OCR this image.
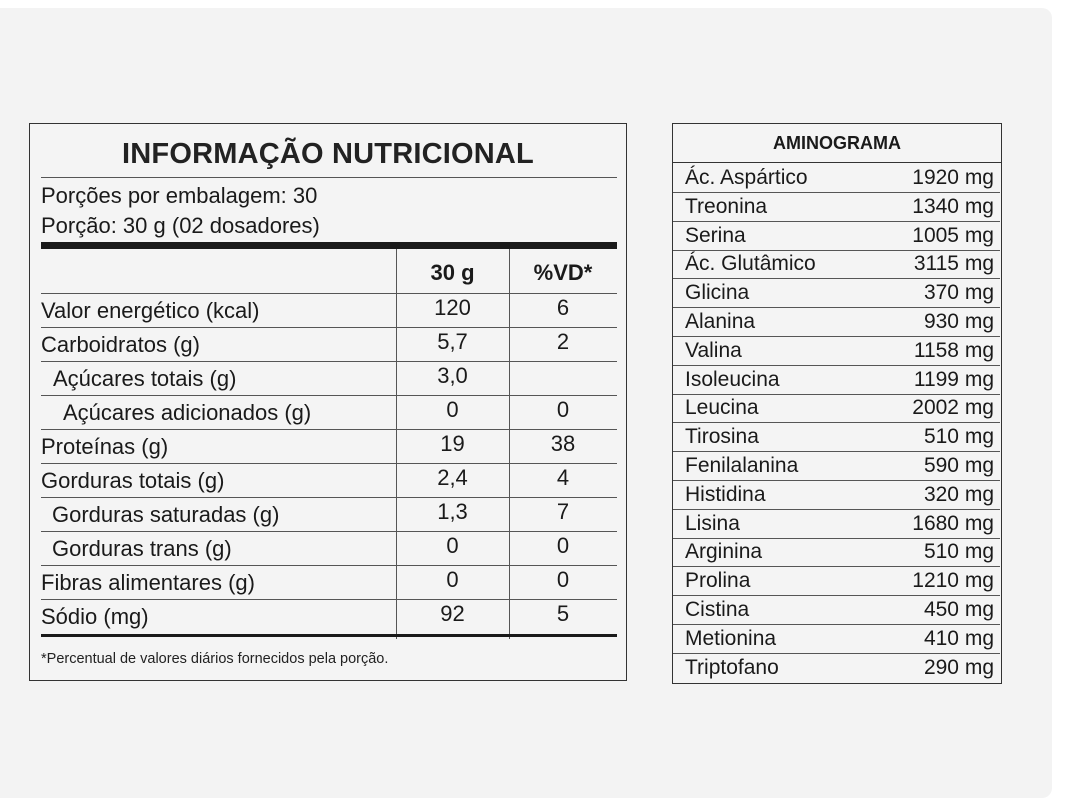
INFORMAÇÃO NUTRICIONAL
Porções por embalagem: 30
Porção: 30 g (02 dosadores)
30 g	%VD*
Valor energético (kcal)	120	6
Carboidratos (g)	5,7	2
Açúcares totais (g)	3,0
Açúcares adicionados (g)	0	0
Proteínas (g)	19	38
Gorduras totais (g)	2,4	4
Gorduras saturadas (g)	1,3	7
Gorduras trans (g)	0	0
Fibras alimentares (g)	0	0
Sódio (mg)	92	5
*Percentual de valores diários fornecidos pela porção.
AMINOGRAMA
Ác. Aspártico	1920 mg
Treonina	1340 mg
Serina	1005 mg
Ác. Glutâmico	3115 mg
Glicina	370 mg
Alanina	930 mg
Valina	1158 mg
Isoleucina	1199 mg
Leucina	2002 mg
Tirosina	510 mg
Fenilalanina	590 mg
Histidina	320 mg
Lisina	1680 mg
Arginina	510 mg
Prolina	1210 mg
Cistina	450 mg
Metionina	410 mg
Triptofano	290 mg
